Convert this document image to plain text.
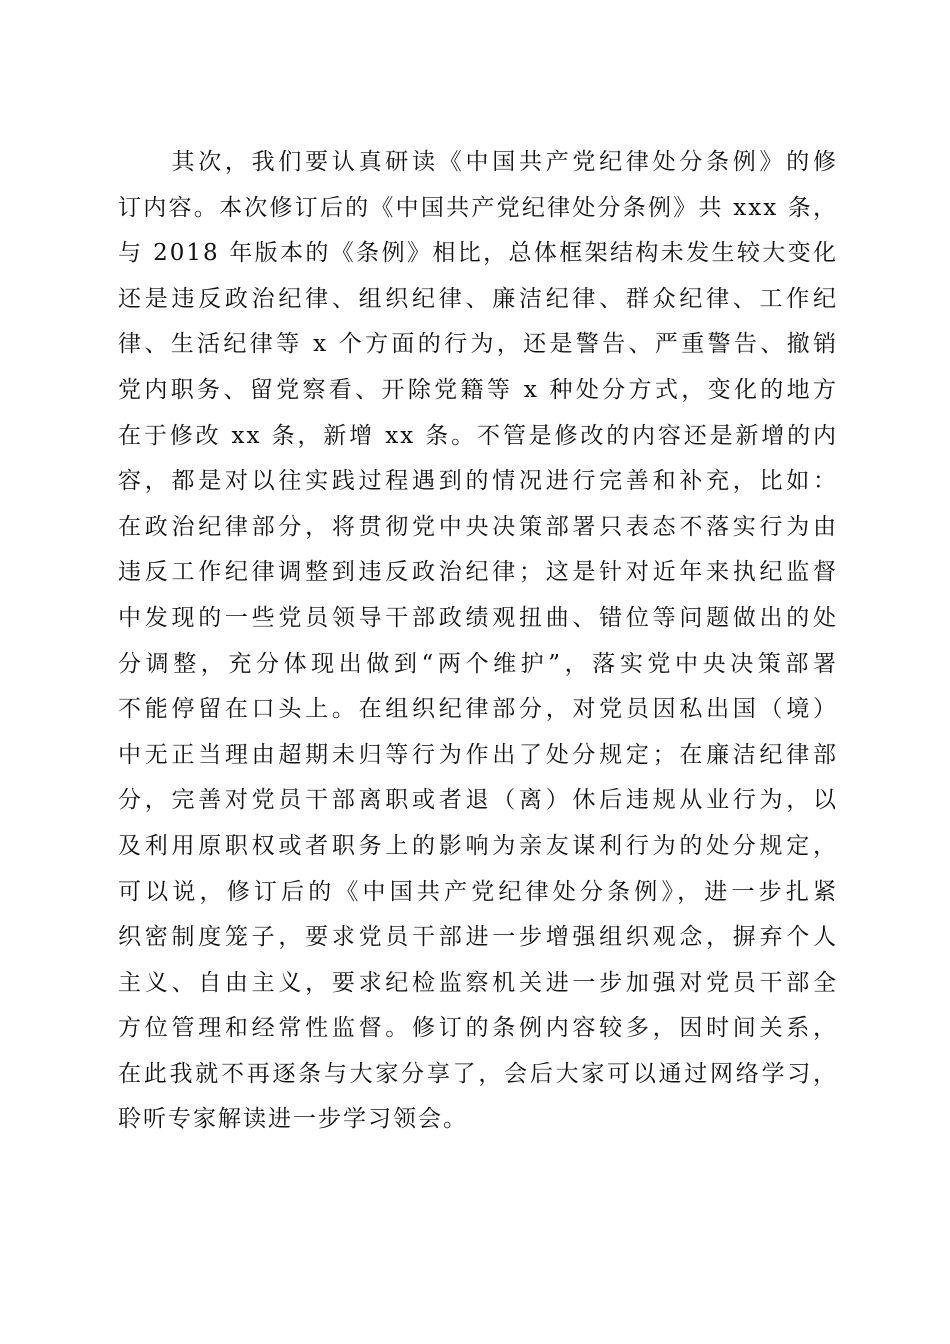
　　其次，我们要认真研读《中国共产党纪律处分条例》的修
订内容。本次修订后的《中国共产党纪律处分条例》共 xxx 条，
与 2018 年版本的《条例》相比，总体框架结构未发生较大变化
还是违反政治纪律、组织纪律、廉洁纪律、群众纪律、工作纪
律、生活纪律等 x 个方面的行为，还是警告、严重警告、撤销
党内职务、留党察看、开除党籍等 x 种处分方式，变化的地方
在于修改 xx 条，新增 xx 条。不管是修改的内容还是新增的内
容，都是对以往实践过程遇到的情况进行完善和补充，比如：
在政治纪律部分，将贯彻党中央决策部署只表态不落实行为由
违反工作纪律调整到违反政治纪律；这是针对近年来执纪监督
中发现的一些党员领导干部政绩观扭曲、错位等问题做出的处
分调整，充分体现出做到“两个维护”，落实党中央决策部署
不能停留在口头上。在组织纪律部分，对党员因私出国（境）
中无正当理由超期未归等行为作出了处分规定；在廉洁纪律部
分，完善对党员干部离职或者退（离）休后违规从业行为，以
及利用原职权或者职务上的影响为亲友谋利行为的处分规定，
可以说，修订后的《中国共产党纪律处分条例》，进一步扎紧
织密制度笼子，要求党员干部进一步增强组织观念，摒弃个人
主义、自由主义，要求纪检监察机关进一步加强对党员干部全
方位管理和经常性监督。修订的条例内容较多，因时间关系，
在此我就不再逐条与大家分享了，会后大家可以通过网络学习，
聆听专家解读进一步学习领会。
